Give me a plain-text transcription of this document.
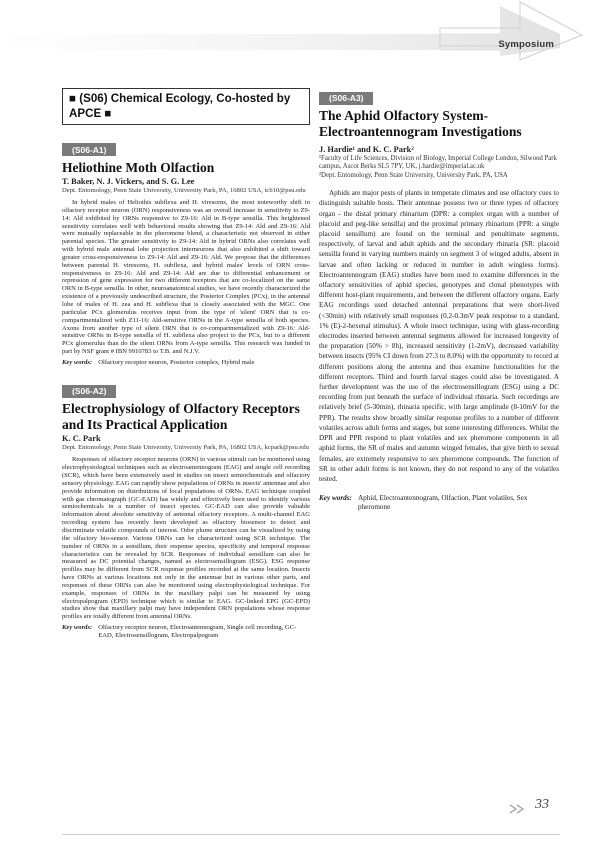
Symposium
■ (S06) Chemical Ecology, Co-hosted by APCE ■
(S06-A1)
Heliothine Moth Olfaction
T. Baker, N. J. Vickers, and S. G. Lee
Dept. Entomology, Penn State University, University Park, PA, 16802 USA, tcb10@psu.edu

In hybrid males of Heliothis subflexa and H. virescens, the most noteworthy shift in olfactory receptor neuron (ORN) responsiveness was an overall increase in sensitivity to Z9-14: Ald exhibited by ORNs responsive to Z9-16: Ald in B-type sensilla. This heightened sensitivity correlates well with behavioral results showing that Z9-14: Ald and Z9-16: Ald were mutually replaceable in the pheromone blend, a characteristic not observed in either parental species. The greater sensitivity to Z9-14: Ald in hybrid ORNs also correlates well with hybrid male antennal lobe projection interneurons that also exhibited a shift toward greater cross-responsiveness to Z9-14: Ald and Z9-16: Ald. We propose that the differences between parental H. virescens, H. subflexa, and hybrid males' levels of ORN cross-responsiveness to Z9-16: Ald and Z9-14: Ald are due to differential enhancement or repression of gene expression for two different receptors that are co-localized on the same ORN in B-type sensilla. In other, neuroanatomical studies, we have recently characterized the existence of a previously undescribed structure, the Posterior Complex (PCx), in the antennal lobe of males of H. zea and H. subflexa that is closely associated with the MGC. One particular PCx glomerulus receives input from the type of 'silent' ORN that is co-compartmentalized with Z11-16: Ald-sensitive ORNs in the A-type sensilla of both species. Axons from another type of silent ORN that is co-compartmentalized with Z9-16: Ald-sensitive ORNs in B-type sensilla of H. subflexa also project to the PCx, but to a different PCx glomerulus than do the silent ORNs from A-type sensilla. This research was funded in part by NSF grant # IBN 9910783 to T.B. and N.J.V.

Key words: Olfactory receptor neuron, Posterior complex, Hybrid male
(S06-A2)
Electrophysiology of Olfactory Receptors and Its Practical Application
K. C. Park
Dept. Entomology, Penn State University, University Park, PA, 16802 USA, kcpark@psu.edu

Responses of olfactory receptor neurons (ORN) to various stimuli can be monitored using electrophysiological techniques such as electroantennogram (EAG) and single cell recording (SCR), which have been extensively used in studies on insect semiochemicals and olfactory sensory physiology. EAG can rapidly show populations of ORNs in insects' antennae and also provide information on distributions of local populations of ORNs. EAG technique coupled with gas chromatograph (GC-EAD) has widely and effectively been used to identify various semiochemicals in a number of insect species. GC-EAD can also provide valuable information about absolute sensitivity of antennal olfactory receptors. A multi-channel EAG recording system has recently been developed as olfactory biosensor to detect and discriminate volatile compounds of interest. Odor plume structure can be visualized by using the olfactory bio-sensor. Various ORNs can be characterized using SCR technique. The number of ORNs in a sensillum, their response spectra, specificity and temporal response characteristics can be revealed by SCR. Responses of individual sensillum can also be measured as DC potential changes, named as electrosensillogram (ESG). ESG response profiles may be different from SCR response profiles recorded at the same location. Insects have ORNs at various locations not only in the antennae but in various other parts, and responses of these ORNs can also be monitored using electrophysiological technique. For example, responses of ORNs in the maxillary palpi can be measured by using electropalpogram (EPD) technique which is similar to EAG. GC-linked EPG (GC-EPD) studies show that maxillary palpi may have independent ORN populations whose response profiles are totally different from antennal ORNs.

Key words: Olfactory receptor neuron, Electroantennogram, Single cell recording, GC-EAD, Electrosensillogram, Electropalpogram
(S06-A3)
The Aphid Olfactory System-Electroantennogram Investigations
J. Hardie¹ and K. C. Park²
¹Faculty of Life Sciences, Division of Biology, Imperial College London, Silwood Park campus, Ascot Berks SL5 7PY, UK, j.hardie@imperial.ac.uk
²Dept. Entomology, Penn State University, University Park, PA, USA

Aphids are major pests of plants in temperate climates and use olfactory cues to distinguish suitable hosts. Their antennae possess two or three types of olfactory organ - the distal primary rhinarium (DPR: a complex organ with a number of placoid and peg-like sensilla) and the proximal primary rhinarium (PPR: a single placoid sensillum) are found on the terminal and penultimate segments, respectively, of larval and adult aphids and the secondary rhinaria (SR: placoid sensilla found in varying numbers mainly on segment 3 of winged adults, absent in larvae and often lacking or reduced in number in adult wingless forms). Electroantennogram (EAG) studies have been used to examine differences in the olfactory sensitivities of aphid species, genotypes and clonal phenotypes with different host-plant requirements, and between the different olfactory organs. Early EAG recordings used detached antennal preparations that were short-lived (<30min) with relatively small responses (0.2-0.3mV peak response to a standard, 1% (E)-2-hexenal stimulus). A whole insect technique, using with glass-recording electrodes inserted between antennal segments allowed for increased longevity of the preparation (50% > 8h), increased sensitivity (1-2mV), decreased variability between insects (95% CI down from 27.3 to 8.0%) with the opportunity to record at different positions along the antenna and thus examine functionalities for the different receptors. Third and fourth larval stages could also be investigated. A further development was the use of the electrosensillogram (ESG) using a DC recording from just beneath the surface of individual rhinaria. Such recordings are relatively brief (5-30min), rhinaria specific, with large amplitude (8-10mV for the PPR). The results show broadly similar response profiles to a number of different volatiles across adult forms and stages, but some interesting differences. Whilst the DPR and PPR respond to plant volatiles and sex pheromone components in all aphid forms, the SR of males and autumn winged females, that give birth to sexual females, are extremely responsive to sex pheromone compounds. The function of SR in other adult forms is not known, they do not respond to any of the volatiles tested.

Key words: Aphid, Electroantennogram, Olfaction, Plant volatiles, Sex pheromone
33
